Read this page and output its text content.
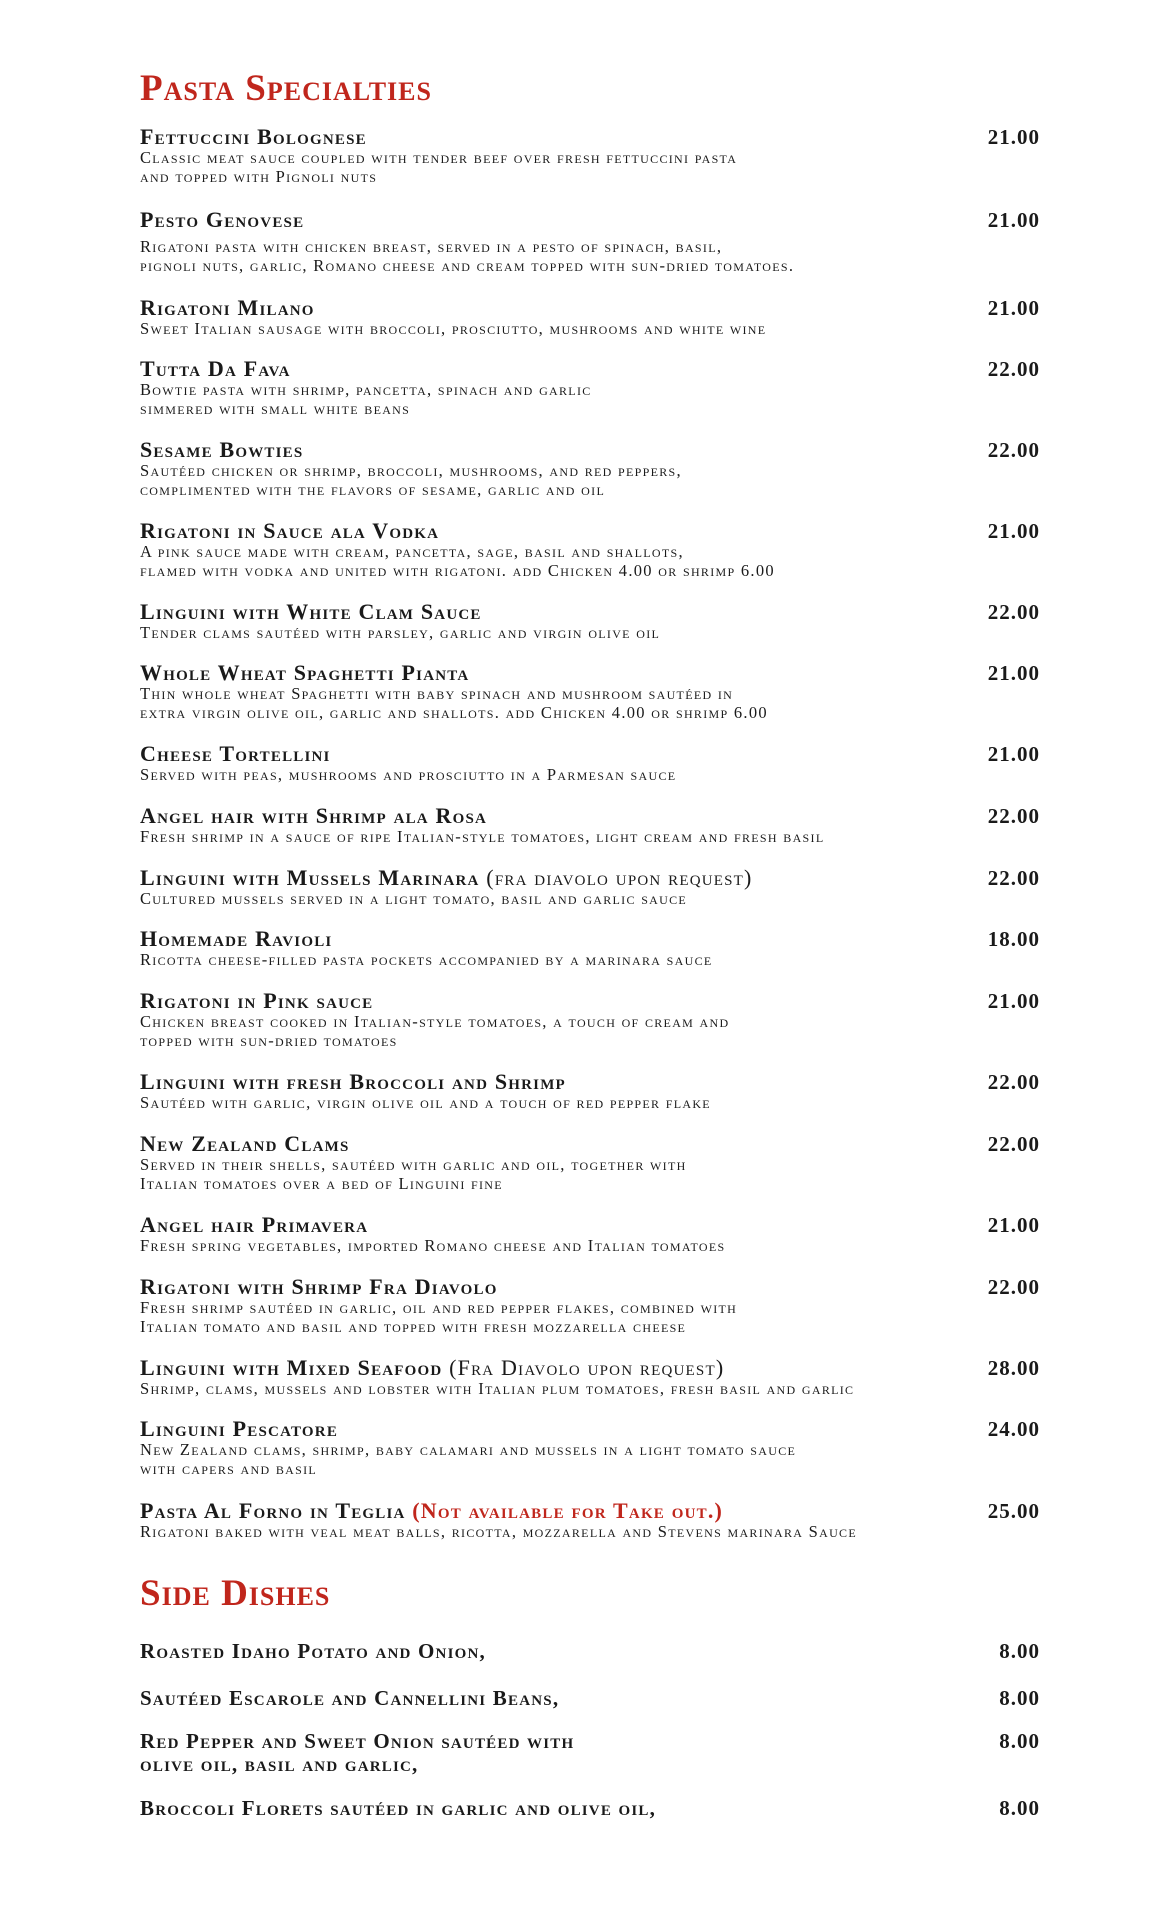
Pasta Specialties
Fettuccini Bolognese	21.00
Classic meat sauce coupled with tender beef over fresh fettuccini pasta
and topped with Pignoli nuts
Pesto Genovese	21.00
Rigatoni pasta with chicken breast, served in a pesto of spinach, basil,
pignoli nuts, garlic, Romano cheese and cream topped with sun-dried tomatoes.
Rigatoni Milano	21.00
Sweet Italian sausage with broccoli, prosciutto, mushrooms and white wine
Tutta Da Fava	22.00
Bowtie pasta with shrimp, pancetta, spinach and garlic
simmered with small white beans
Sesame Bowties	22.00
Sautéed chicken or shrimp, broccoli, mushrooms, and red peppers,
complimented with the flavors of sesame, garlic and oil
Rigatoni in Sauce ala Vodka	21.00
A pink sauce made with cream, pancetta, sage, basil and shallots,
flamed with vodka and united with rigatoni. add Chicken 4.00 or shrimp 6.00
Linguini with White Clam Sauce	22.00
Tender clams sautéed with parsley, garlic and virgin olive oil
Whole Wheat Spaghetti Pianta	21.00
Thin whole wheat Spaghetti with baby spinach and mushroom sautéed in
extra virgin olive oil, garlic and shallots. add Chicken 4.00 or shrimp 6.00
Cheese Tortellini	21.00
Served with peas, mushrooms and prosciutto in a Parmesan sauce
Angel hair with Shrimp ala Rosa	22.00
Fresh shrimp in a sauce of ripe Italian-style tomatoes, light cream and fresh basil
Linguini with Mussels Marinara (fra diavolo upon request)	22.00
Cultured mussels served in a light tomato, basil and garlic sauce
Homemade Ravioli	18.00
Ricotta cheese-filled pasta pockets accompanied by a marinara sauce
Rigatoni in Pink sauce	21.00
Chicken breast cooked in Italian-style tomatoes, a touch of cream and
topped with sun-dried tomatoes
Linguini with fresh Broccoli and Shrimp	22.00
Sautéed with garlic, virgin olive oil and a touch of red pepper flake
New Zealand Clams	22.00
Served in their shells, sautéed with garlic and oil, together with
Italian tomatoes over a bed of Linguini fine
Angel hair Primavera	21.00
Fresh spring vegetables, imported Romano cheese and Italian tomatoes
Rigatoni with Shrimp Fra Diavolo	22.00
Fresh shrimp sautéed in garlic, oil and red pepper flakes, combined with
Italian tomato and basil and topped with fresh mozzarella cheese
Linguini with Mixed Seafood (Fra Diavolo upon request)	28.00
Shrimp, clams, mussels and lobster with Italian plum tomatoes, fresh basil and garlic
Linguini Pescatore	24.00
New Zealand clams, shrimp, baby calamari and mussels in a light tomato sauce
with capers and basil
Pasta Al Forno in Teglia (Not available for Take out.)	25.00
Rigatoni baked with veal meat balls, ricotta, mozzarella and Stevens marinara Sauce
Side Dishes
Roasted Idaho Potato and Onion,	8.00
Sautéed Escarole and Cannellini Beans,	8.00
Red Pepper and Sweet Onion sautéed with
olive oil, basil and garlic,
8.00
Broccoli Florets sautéed in garlic and olive oil,	8.00
